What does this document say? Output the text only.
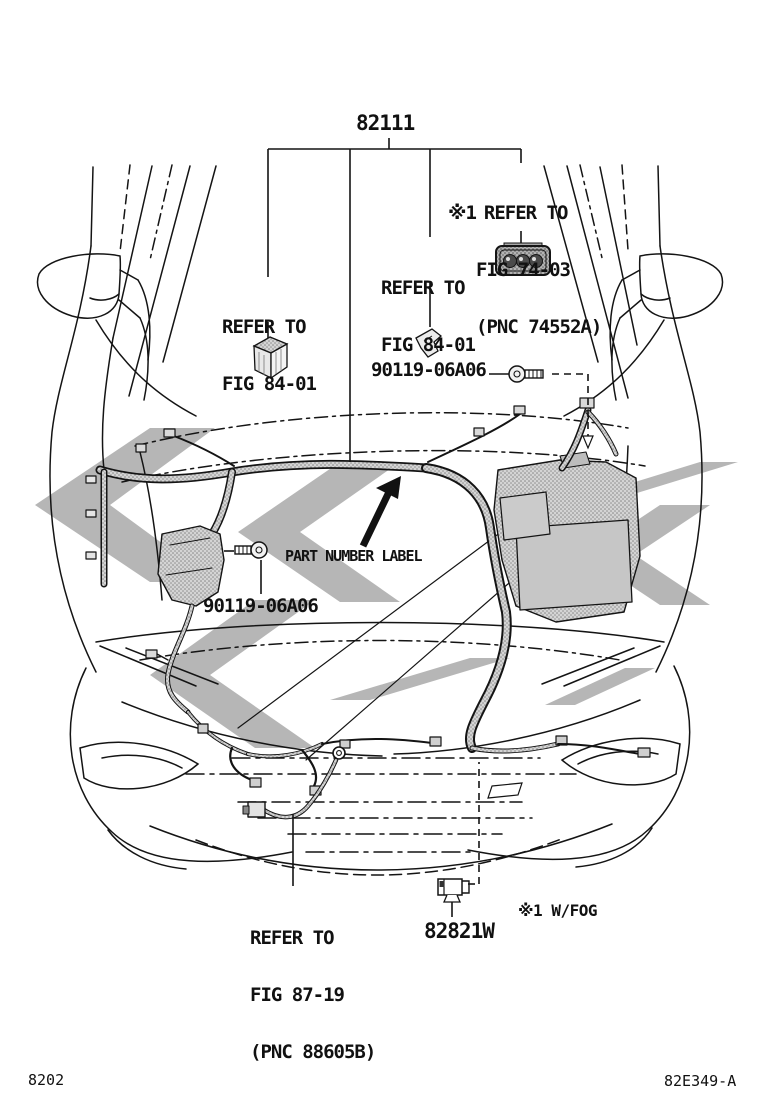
82111

※1 REFER TO

FIG 74-03

(PNC 74552A)

REFER TO

FIG 84-01

REFER TO

FIG 84-01

90119-06A06
PART NUMBER LABEL
90119-06A06

REFER TO

FIG 87-19

(PNC 88605B)

82821W
※1 W/FOG
8202	82E349-A
